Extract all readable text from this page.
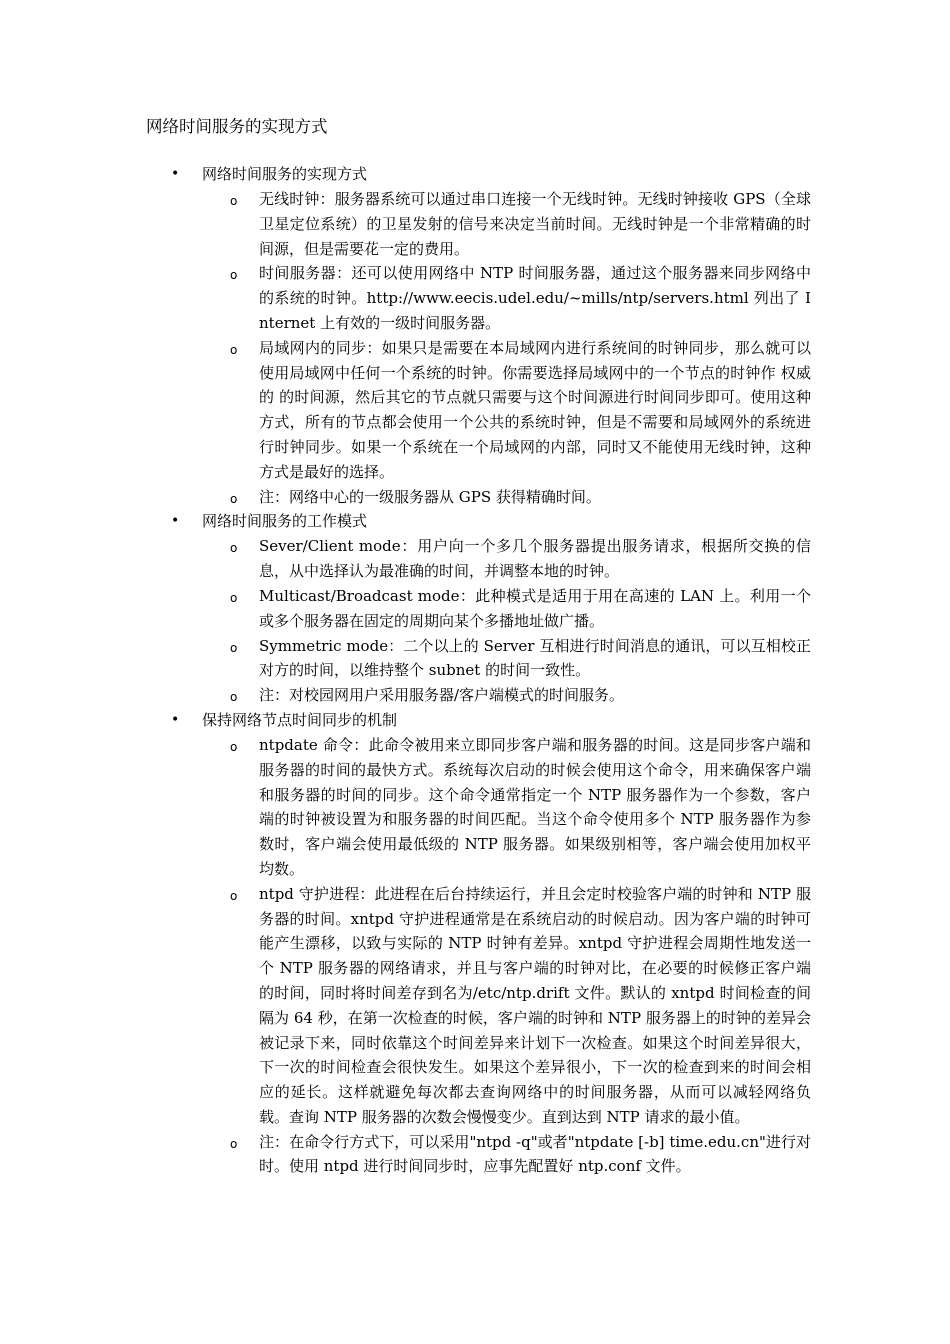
网络时间服务的实现方式
• 网络时间服务的实现方式
o 无线时钟：服务器系统可以通过串口连接一个无线时钟。无线时钟接收 GPS（全球卫星定位系统）的卫星发射的信号来决定当前时间。无线时钟是一个非常精确的时间源，但是需要花一定的费用。
o 时间服务器：还可以使用网络中 NTP 时间服务器，通过这个服务器来同步网络中的系统的时钟。http://www.eecis.udel.edu/~mills/ntp/servers.html 列出了 Internet 上有效的一级时间服务器。
o 局域网内的同步：如果只是需要在本局域网内进行系统间的时钟同步，那么就可以使用局域网中任何一个系统的时钟。你需要选择局域网中的一个节点的时钟作 权威的 的时间源，然后其它的节点就只需要与这个时间源进行时间同步即可。使用这种方式，所有的节点都会使用一个公共的系统时钟，但是不需要和局域网外的系统进行时钟同步。如果一个系统在一个局域网的内部，同时又不能使用无线时钟，这种方式是最好的选择。
o 注：网络中心的一级服务器从 GPS 获得精确时间。
• 网络时间服务的工作模式
o Sever/Client mode：用户向一个多几个服务器提出服务请求，根据所交换的信息，从中选择认为最准确的时间，并调整本地的时钟。
o Multicast/Broadcast mode：此种模式是适用于用在高速的 LAN 上。利用一个或多个服务器在固定的周期向某个多播地址做广播。
o Symmetric mode：二个以上的 Server 互相进行时间消息的通讯，可以互相校正对方的时间，以维持整个 subnet 的时间一致性。
o 注：对校园网用户采用服务器/客户端模式的时间服务。
• 保持网络节点时间同步的机制
o ntpdate 命令：此命令被用来立即同步客户端和服务器的时间。这是同步客户端和服务器的时间的最快方式。系统每次启动的时候会使用这个命令，用来确保客户端和服务器的时间的同步。这个命令通常指定一个 NTP 服务器作为一个参数，客户端的时钟被设置为和服务器的时间匹配。当这个命令使用多个 NTP 服务器作为参数时，客户端会使用最低级的 NTP 服务器。如果级别相等，客户端会使用加权平均数。
o ntpd 守护进程：此进程在后台持续运行，并且会定时校验客户端的时钟和 NTP 服务器的时间。xntpd 守护进程通常是在系统启动的时候启动。因为客户端的时钟可能产生漂移，以致与实际的 NTP 时钟有差异。xntpd 守护进程会周期性地发送一个 NTP 服务器的网络请求，并且与客户端的时钟对比，在必要的时候修正客户端的时间，同时将时间差存到名为/etc/ntp.drift 文件。默认的 xntpd 时间检查的间隔为 64 秒，在第一次检查的时候，客户端的时钟和 NTP 服务器上的时钟的差异会被记录下来，同时依靠这个时间差异来计划下一次检查。如果这个时间差异很大，下一次的时间检查会很快发生。如果这个差异很小，下一次的检查到来的时间会相应的延长。这样就避免每次都去查询网络中的时间服务器，从而可以减轻网络负载。查询 NTP 服务器的次数会慢慢变少。直到达到 NTP 请求的最小值。
o 注：在命令行方式下，可以采用"ntpd -q"或者"ntpdate [-b] time.edu.cn"进行对时。使用 ntpd 进行时间同步时，应事先配置好 ntp.conf 文件。
